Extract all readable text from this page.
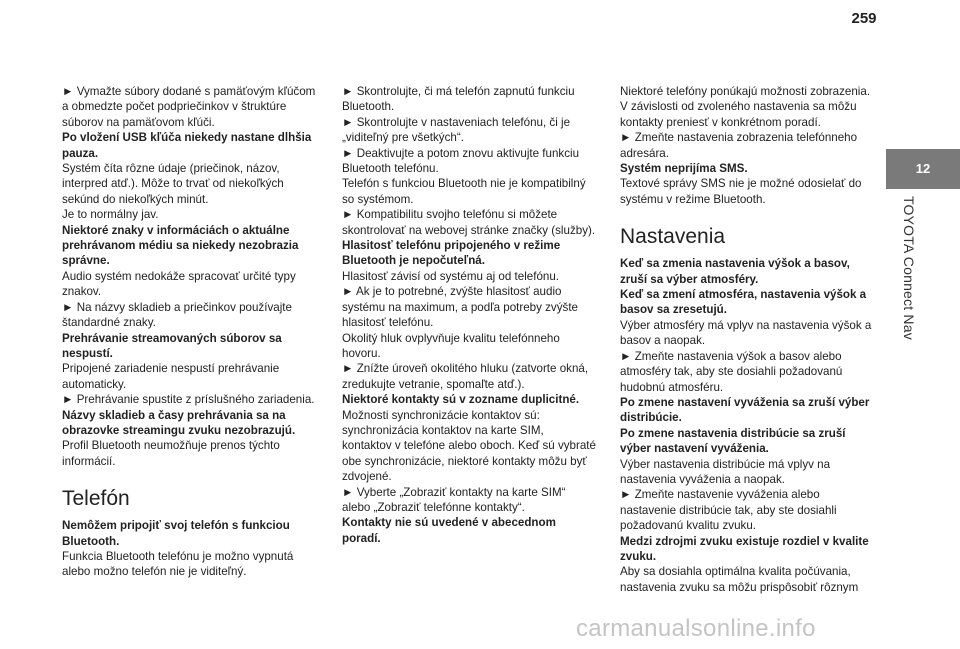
259
12
TOYOTA Connect Nav

► Vymažte súbory dodané s pamäťovým kľúčom a obmedzte počet podpriečinkov v štruktúre súborov na pamäťovom kľúči.

Po vložení USB kľúča niekedy nastane dlhšia pauza.

Systém číta rôzne údaje (priečinok, názov, interpred atď.). Môže to trvať od niekoľkých sekúnd do niekoľkých minút.

Je to normálny jav.

Niektoré znaky v informáciách o aktuálne prehrávanom médiu sa niekedy nezobrazia správne.

Audio systém nedokáže spracovať určité typy znakov.

► Na názvy skladieb a priečinkov používajte štandardné znaky.

Prehrávanie streamovaných súborov sa nespustí.

Pripojené zariadenie nespustí prehrávanie automaticky.

► Prehrávanie spustite z príslušného zariadenia.

Názvy skladieb a časy prehrávania sa na obrazovke streamingu zvuku nezobrazujú.

Profil Bluetooth neumožňuje prenos týchto informácií.

Telefón

Nemôžem pripojiť svoj telefón s funkciou Bluetooth.

Funkcia Bluetooth telefónu je možno vypnutá alebo možno telefón nie je viditeľný.

► Skontrolujte, či má telefón zapnutú funkciu Bluetooth.

► Skontrolujte v nastaveniach telefónu, či je „viditeľný pre všetkých“.

► Deaktivujte a potom znovu aktivujte funkciu Bluetooth telefónu.

Telefón s funkciou Bluetooth nie je kompatibilný so systémom.

► Kompatibilitu svojho telefónu si môžete skontrolovať na webovej stránke značky (služby).

Hlasitosť telefónu pripojeného v režime Bluetooth je nepočuteľná.

Hlasitosť závisí od systému aj od telefónu.

► Ak je to potrebné, zvýšte hlasitosť audio systému na maximum, a podľa potreby zvýšte hlasitosť telefónu.

Okolitý hluk ovplyvňuje kvalitu telefónneho hovoru.

► Znížte úroveň okolitého hluku (zatvorte okná, zredukujte vetranie, spomaľte atď.).

Niektoré kontakty sú v zozname duplicitné.

Možnosti synchronizácie kontaktov sú: synchronizácia kontaktov na karte SIM, kontaktov v telefóne alebo oboch. Keď sú vybraté obe synchronizácie, niektoré kontakty môžu byť zdvojené.

► Vyberte „Zobraziť kontakty na karte SIM“ alebo „Zobraziť telefónne kontakty“.

Kontakty nie sú uvedené v abecednom poradí.

Niektoré telefóny ponúkajú možnosti zobrazenia. V závislosti od zvoleného nastavenia sa môžu kontakty preniesť v konkrétnom poradí.

► Zmeňte nastavenia zobrazenia telefónneho adresára.

Systém neprijíma SMS.

Textové správy SMS nie je možné odosielať do systému v režime Bluetooth.

Nastavenia

Keď sa zmenia nastavenia výšok a basov, zruší sa výber atmosféry.

Keď sa zmení atmosféra, nastavenia výšok a basov sa zresetujú.

Výber atmosféry má vplyv na nastavenia výšok a basov a naopak.

► Zmeňte nastavenia výšok a basov alebo atmosféry tak, aby ste dosiahli požadovanú hudobnú atmosféru.

Po zmene nastavení vyváženia sa zruší výber distribúcie.

Po zmene nastavenia distribúcie sa zruší výber nastavení vyváženia.

Výber nastavenia distribúcie má vplyv na nastavenia vyváženia a naopak.

► Zmeňte nastavenie vyváženia alebo nastavenie distribúcie tak, aby ste dosiahli požadovanú kvalitu zvuku.

Medzi zdrojmi zvuku existuje rozdiel v kvalite zvuku.

Aby sa dosiahla optimálna kvalita počúvania, nastavenia zvuku sa môžu prispôsobiť rôznym

carmanualsonline.info
